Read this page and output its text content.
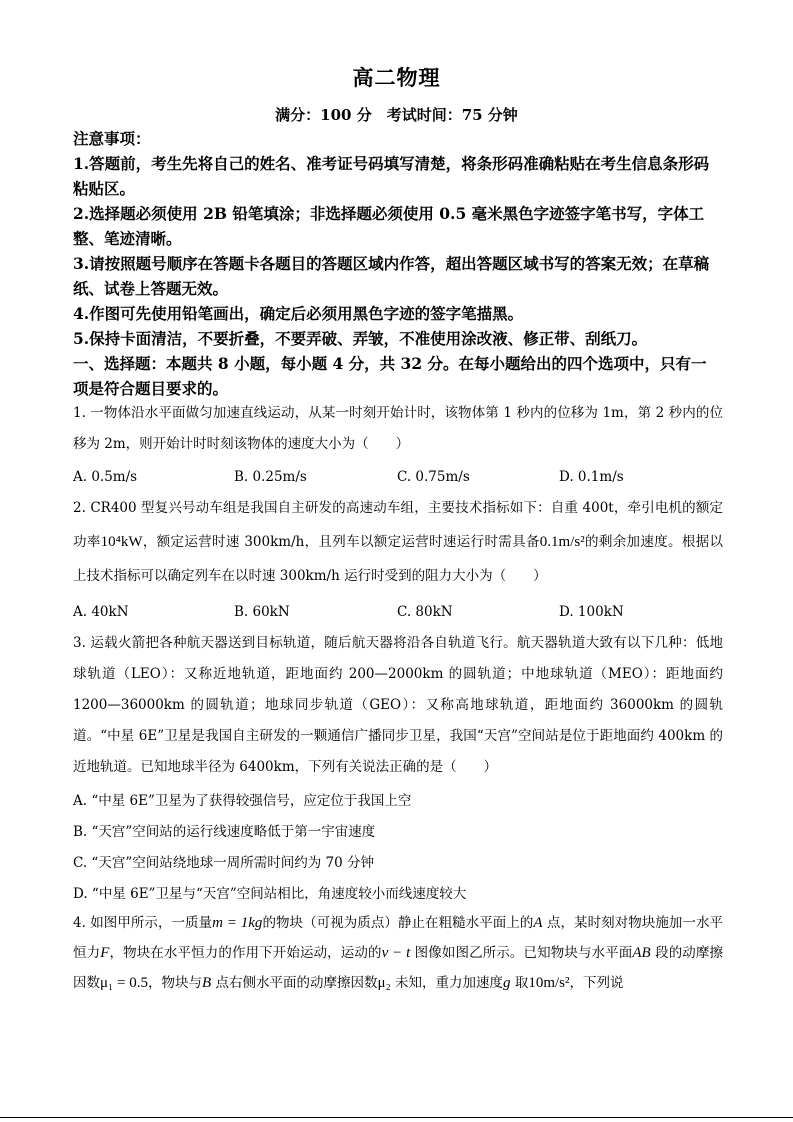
高二物理
满分：100 分　考试时间：75 分钟
注意事项：
1.答题前，考生先将自己的姓名、准考证号码填写清楚，将条形码准确粘贴在考生信息条形码粘贴区。
2.选择题必须使用 2B 铅笔填涂；非选择题必须使用 0.5 毫米黑色字迹签字笔书写，字体工整、笔迹清晰。
3.请按照题号顺序在答题卡各题目的答题区域内作答，超出答题区域书写的答案无效；在草稿纸、试卷上答题无效。
4.作图可先使用铅笔画出，确定后必须用黑色字迹的签字笔描黑。
5.保持卡面清洁，不要折叠，不要弄破、弄皱，不准使用涂改液、修正带、刮纸刀。
一、选择题：本题共 8 小题，每小题 4 分，共 32 分。在每小题给出的四个选项中，只有一项是符合题目要求的。
1. 一物体沿水平面做匀加速直线运动，从某一时刻开始计时，该物体第 1 秒内的位移为 1m，第 2 秒内的位移为 2m，则开始计时时刻该物体的速度大小为（　　）
A. 0.5m/s	B. 0.25m/s	C. 0.75m/s	D. 0.1m/s
2. CR400 型复兴号动车组是我国自主研发的高速动车组，主要技术指标如下：自重 400t，牵引电机的额定功率10⁴kW，额定运营时速 300km/h，且列车以额定运营时速运行时需具备0.1m/s²的剩余加速度。根据以上技术指标可以确定列车在以时速 300km/h 运行时受到的阻力大小为（　　）
A. 40kN	B. 60kN	C. 80kN	D. 100kN
3. 运载火箭把各种航天器送到目标轨道，随后航天器将沿各自轨道飞行。航天器轨道大致有以下几种：低地球轨道（LEO）：又称近地轨道，距地面约 200—2000km 的圆轨道；中地球轨道（MEO）：距地面约 1200—36000km 的圆轨道；地球同步轨道（GEO）：又称高地球轨道，距地面约 36000km 的圆轨道。“中星 6E”卫星是我国自主研发的一颗通信广播同步卫星，我国“天宫”空间站是位于距地面约 400km 的近地轨道。已知地球半径为 6400km，下列有关说法正确的是（　　）
A. “中星 6E”卫星为了获得较强信号，应定位于我国上空
B. “天宫”空间站的运行线速度略低于第一宇宙速度
C. “天宫”空间站绕地球一周所需时间约为 70 分钟
D. “中星 6E”卫星与“天宫”空间站相比，角速度较小而线速度较大
4. 如图甲所示，一质量m = 1kg的物块（可视为质点）静止在粗糙水平面上的A 点，某时刻对物块施加一水平恒力F，物块在水平恒力的作用下开始运动，运动的v − t 图像如图乙所示。已知物块与水平面AB 段的动摩擦因数μ₁ = 0.5，物块与B 点右侧水平面的动摩擦因数μ₂ 未知，重力加速度g 取10m/s²，下列说
